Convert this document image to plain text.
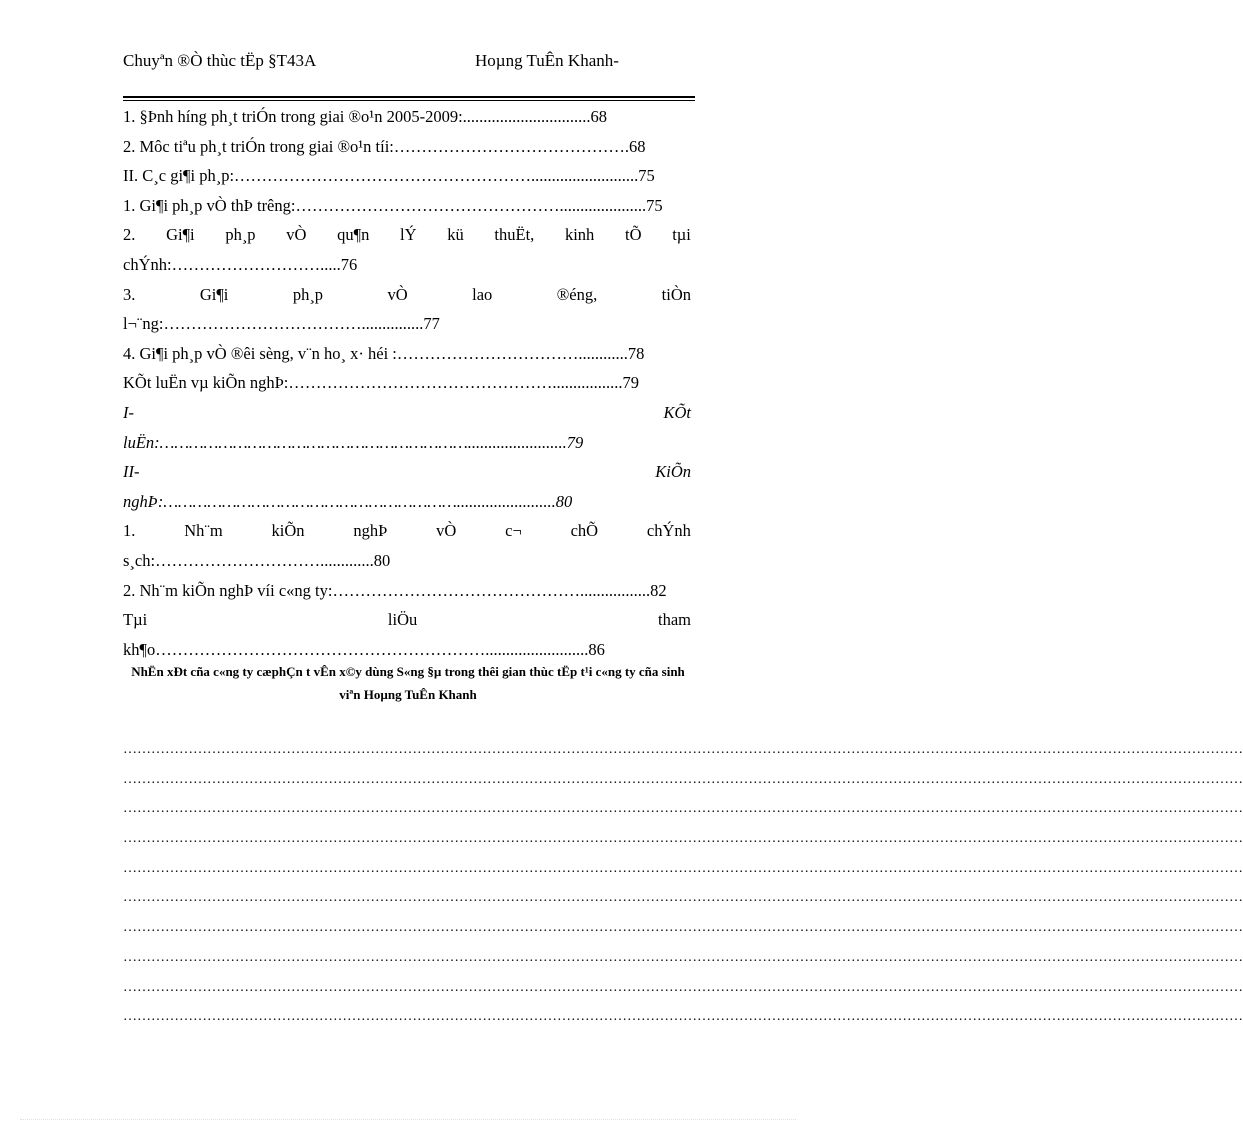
Chuyªn ®Ò thùc tËp §T43A	Hoµng TuÊn Khanh-
1. §Þnh híng ph¸t triÓn trong giai ®o¹n 2005-2009:...............................68
2. Môc tiªu ph¸t triÓn trong giai ®o¹n tíi:…………………………………….68
II. C¸c gi¶i ph¸p:………………………………………………..........................75
1. Gi¶i ph¸p vÒ thÞ trêng:………………………………………….....................75
2. Gi¶i ph¸p vÒ qu¶n lÝ kü thuËt, kinh tÕ tµi
chÝnh:……………………….....76
3.	Gi¶i	ph¸p	vÒ	lao	®éng,	tiÒn
l¬¨ng:………………………………...............77
4. Gi¶i ph¸p vÒ ®êi sèng, v¨n ho¸ x· héi :……………………………............78
KÕt luËn vµ kiÕn nghÞ:………………………………………….................79
I-	KÕt
luËn:………………………………………………………........................79
II-	KiÕn
nghÞ:……………………………………………………........................80
1.	Nh¨m	kiÕn	nghÞ	vÒ	c¬	chÕ	chÝnh
s¸ch:………………………….............80
2. Nh¨m kiÕn nghÞ víi c«ng ty:……………………………………….................82
Tµi	liÖu	tham
kh¶o…………………………………………………….........................86
NhËn xÐt cña c«ng ty cæphÇn t vÊn x©y dùng S«ng §µ trong thêi gian thùc tËp t¹i c«ng ty cña sinh viªn Hoµng TuÊn Khanh
……………………………………………………………………………………………………………………………………………………………………………………………………………………
……………………………………………………………………………………………………………………………………………………………………………………………………………………
……………………………………………………………………………………………………………………………………………………………………………………………………………………
……………………………………………………………………………………………………………………………………………………………………………………………………………………
……………………………………………………………………………………………………………………………………………………………………………………………………………………
……………………………………………………………………………………………………………………………………………………………………………………………………………………
……………………………………………………………………………………………………………………………………………………………………………………………………………………
……………………………………………………………………………………………………………………………………………………………………………………………………………………
……………………………………………………………………………………………………………………………………………………………………………………………………………………
……………………………………………………………………………………………………………………………………………………………………………………………………………………
